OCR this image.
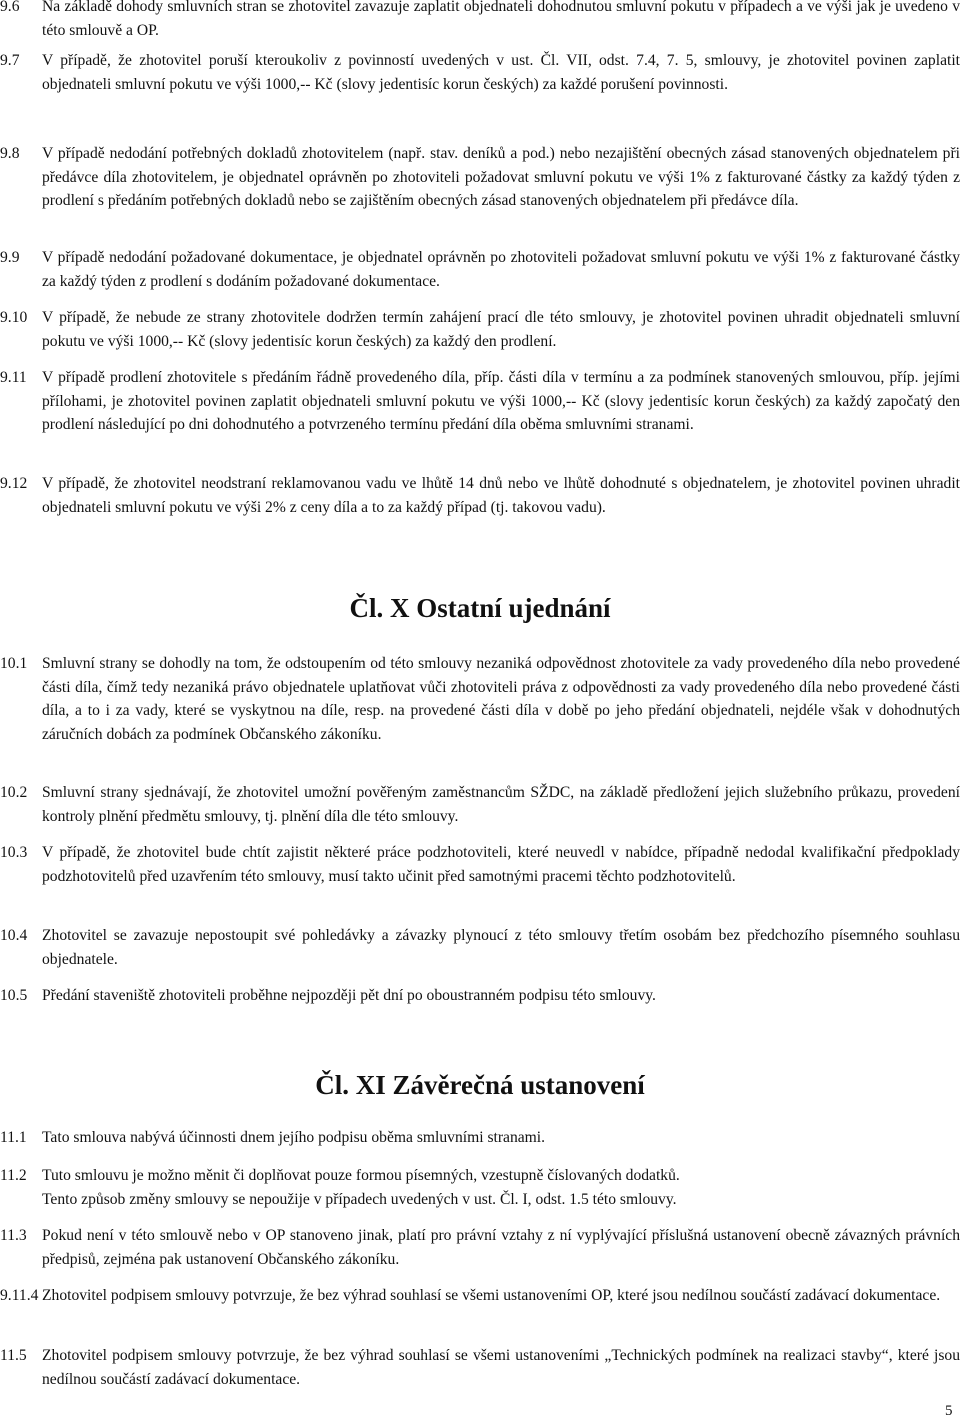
9.6	Na základě dohody smluvních stran se zhotovitel zavazuje zaplatit objednateli dohodnutou smluvní pokutu v případech a ve výši jak je uvedeno v této smlouvě a OP.
9.7	V případě, že zhotovitel poruší kteroukoliv z povinností uvedených v ust. Čl. VII, odst. 7.4, 7. 5, smlouvy, je zhotovitel povinen zaplatit objednateli smluvní pokutu ve výši 1000,-- Kč (slovy jedentisíc korun českých) za každé porušení povinnosti.
9.8	V případě nedodání potřebných dokladů zhotovitelem (např. stav. deníků a pod.) nebo nezajištění obecných zásad stanovených objednatelem při předávce díla zhotovitelem, je objednatel oprávněn po zhotoviteli požadovat smluvní pokutu ve výši 1% z fakturované částky za každý týden z prodlení s předáním potřebných dokladů nebo se zajištěním obecných zásad stanovených objednatelem při předávce díla.
9.9	V případě nedodání požadované dokumentace, je objednatel oprávněn po zhotoviteli požadovat smluvní pokutu ve výši 1% z fakturované částky za každý týden z prodlení s dodáním požadované dokumentace.
9.10 V případě, že nebude ze strany zhotovitele dodržen termín zahájení prací dle této smlouvy, je zhotovitel povinen uhradit objednateli smluvní pokutu ve výši 1000,-- Kč (slovy jedentisíc korun českých) za každý den prodlení.
9.11 V případě prodlení zhotovitele s předáním řádně provedeného díla, příp. části díla v termínu a za podmínek stanovených smlouvou, příp. jejími přílohami, je zhotovitel povinen zaplatit objednateli smluvní pokutu ve výši 1000,-- Kč (slovy jedentisíc korun českých) za každý započatý den prodlení následující po dni dohodnutého a potvrzeného termínu předání díla oběma smluvními stranami.
9.12 V případě, že zhotovitel neodstraní reklamovanou vadu ve lhůtě 14 dnů nebo ve lhůtě dohodnuté s objednatelem, je zhotovitel povinen uhradit objednateli smluvní pokutu ve výši 2% z ceny díla a to za každý případ (tj. takovou vadu).
Čl. X Ostatní ujednání
10.1 Smluvní strany se dohodly na tom, že odstoupením od této smlouvy nezaniká odpovědnost zhotovitele za vady provedeného díla nebo provedené části díla, čímž tedy nezaniká právo objednatele uplatňovat vůči zhotoviteli práva z odpovědnosti za vady provedeného díla nebo provedené části díla, a to i za vady, které se vyskytnou na díle, resp. na provedené části díla v době po jeho předání objednateli, nejdéle však v dohodnutých záručních dobách za podmínek Občanského zákoníku.
10.2 Smluvní strany sjednávají, že zhotovitel umožní pověřeným zaměstnancům SŽDC, na základě předložení jejich služebního průkazu, provedení kontroly plnění předmětu smlouvy, tj. plnění díla dle této smlouvy.
10.3 V případě, že zhotovitel bude chtít zajistit některé práce podzhotoviteli, které neuvedl v nabídce, případně nedodal kvalifikační předpoklady podzhotovitelů před uzavřením této smlouvy, musí takto učinit před samotnými pracemi těchto podzhotovitelů.
10.4 Zhotovitel se zavazuje nepostoupit své pohledávky a závazky plynoucí z této smlouvy třetím osobám bez předchozího písemného souhlasu objednatele.
10.5 Předání staveniště zhotoviteli proběhne nejpozději pět dní po oboustranném podpisu této smlouvy.
Čl. XI Závěrečná ustanovení
11.1 Tato smlouva nabývá účinnosti dnem jejího podpisu oběma smluvními stranami.
11.2 Tuto smlouvu je možno měnit či doplňovat pouze formou písemných, vzestupně číslovaných dodatků.
Tento způsob změny smlouvy se nepoužije v případech uvedených v ust. Čl. I, odst. 1.5 této smlouvy.
11.3 Pokud není v této smlouvě nebo v OP stanoveno jinak, platí pro právní vztahy z ní vyplývající příslušná ustanovení obecně závazných právních předpisů, zejména pak ustanovení Občanského zákoníku.
9.11.4 Zhotovitel podpisem smlouvy potvrzuje, že bez výhrad souhlasí se všemi ustanoveními OP, které jsou nedílnou součástí zadávací dokumentace.
11.5 Zhotovitel podpisem smlouvy potvrzuje, že bez výhrad souhlasí se všemi ustanoveními „Technických podmínek na realizaci stavby“, které jsou nedílnou součástí zadávací dokumentace.
5
